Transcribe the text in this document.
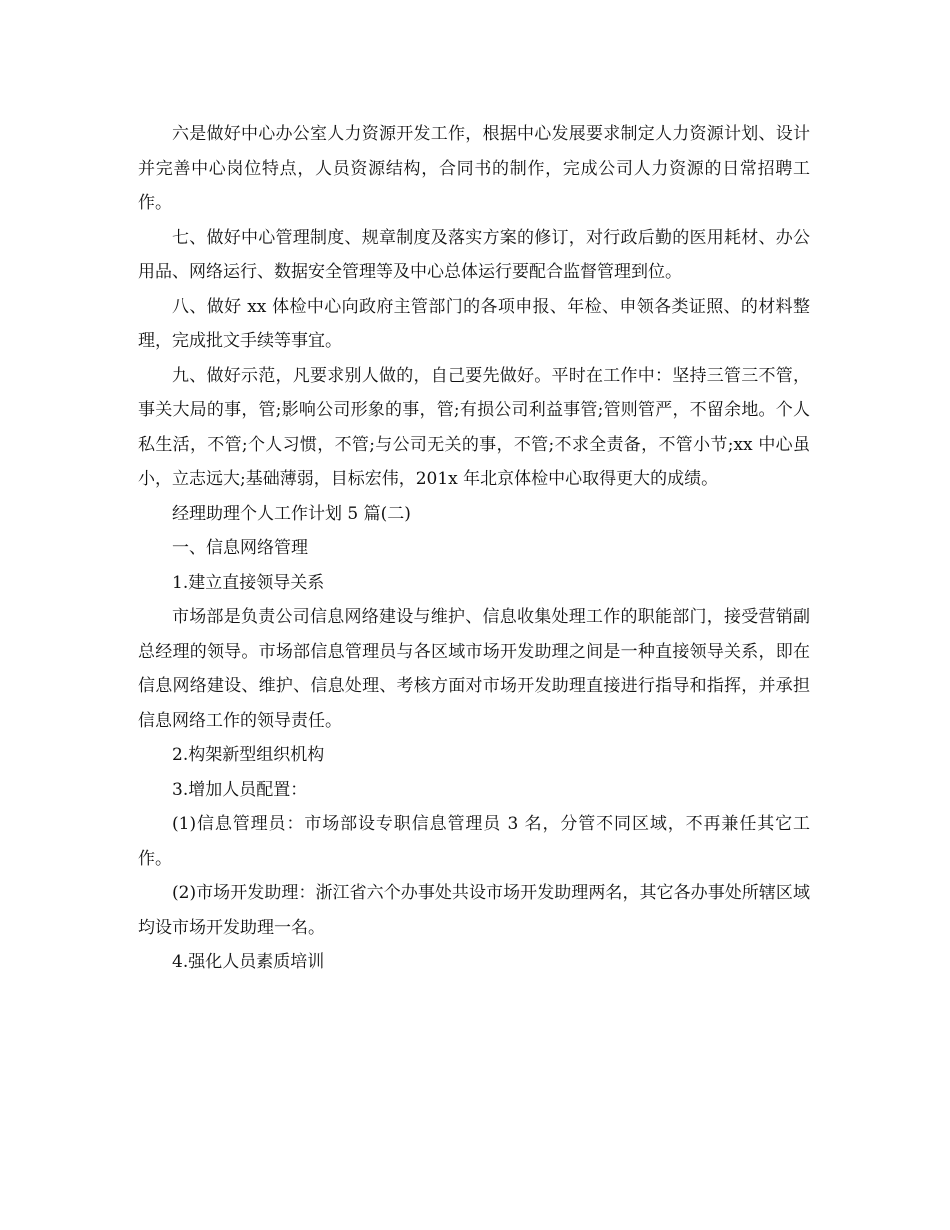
六是做好中心办公室人力资源开发工作，根据中心发展要求制定人力资源计划、设计并完善中心岗位特点，人员资源结构，合同书的制作，完成公司人力资源的日常招聘工作。

七、做好中心管理制度、规章制度及落实方案的修订，对行政后勤的医用耗材、办公用品、网络运行、数据安全管理等及中心总体运行要配合监督管理到位。

八、做好 xx 体检中心向政府主管部门的各项申报、年检、申领各类证照、的材料整理，完成批文手续等事宜。

九、做好示范，凡要求别人做的，自己要先做好。平时在工作中：坚持三管三不管，事关大局的事，管;影响公司形象的事，管;有损公司利益事管;管则管严，不留余地。个人私生活，不管;个人习惯，不管;与公司无关的事，不管;不求全责备，不管小节;xx 中心虽小，立志远大;基础薄弱，目标宏伟，201x 年北京体检中心取得更大的成绩。

经理助理个人工作计划 5 篇(二)

一、信息网络管理

1.建立直接领导关系

市场部是负责公司信息网络建设与维护、信息收集处理工作的职能部门，接受营销副总经理的领导。市场部信息管理员与各区域市场开发助理之间是一种直接领导关系，即在信息网络建设、维护、信息处理、考核方面对市场开发助理直接进行指导和指挥，并承担信息网络工作的领导责任。

2.构架新型组织机构

3.增加人员配置：

(1)信息管理员：市场部设专职信息管理员 3 名，分管不同区域，不再兼任其它工作。

(2)市场开发助理：浙江省六个办事处共设市场开发助理两名，其它各办事处所辖区域均设市场开发助理一名。

4.强化人员素质培训
